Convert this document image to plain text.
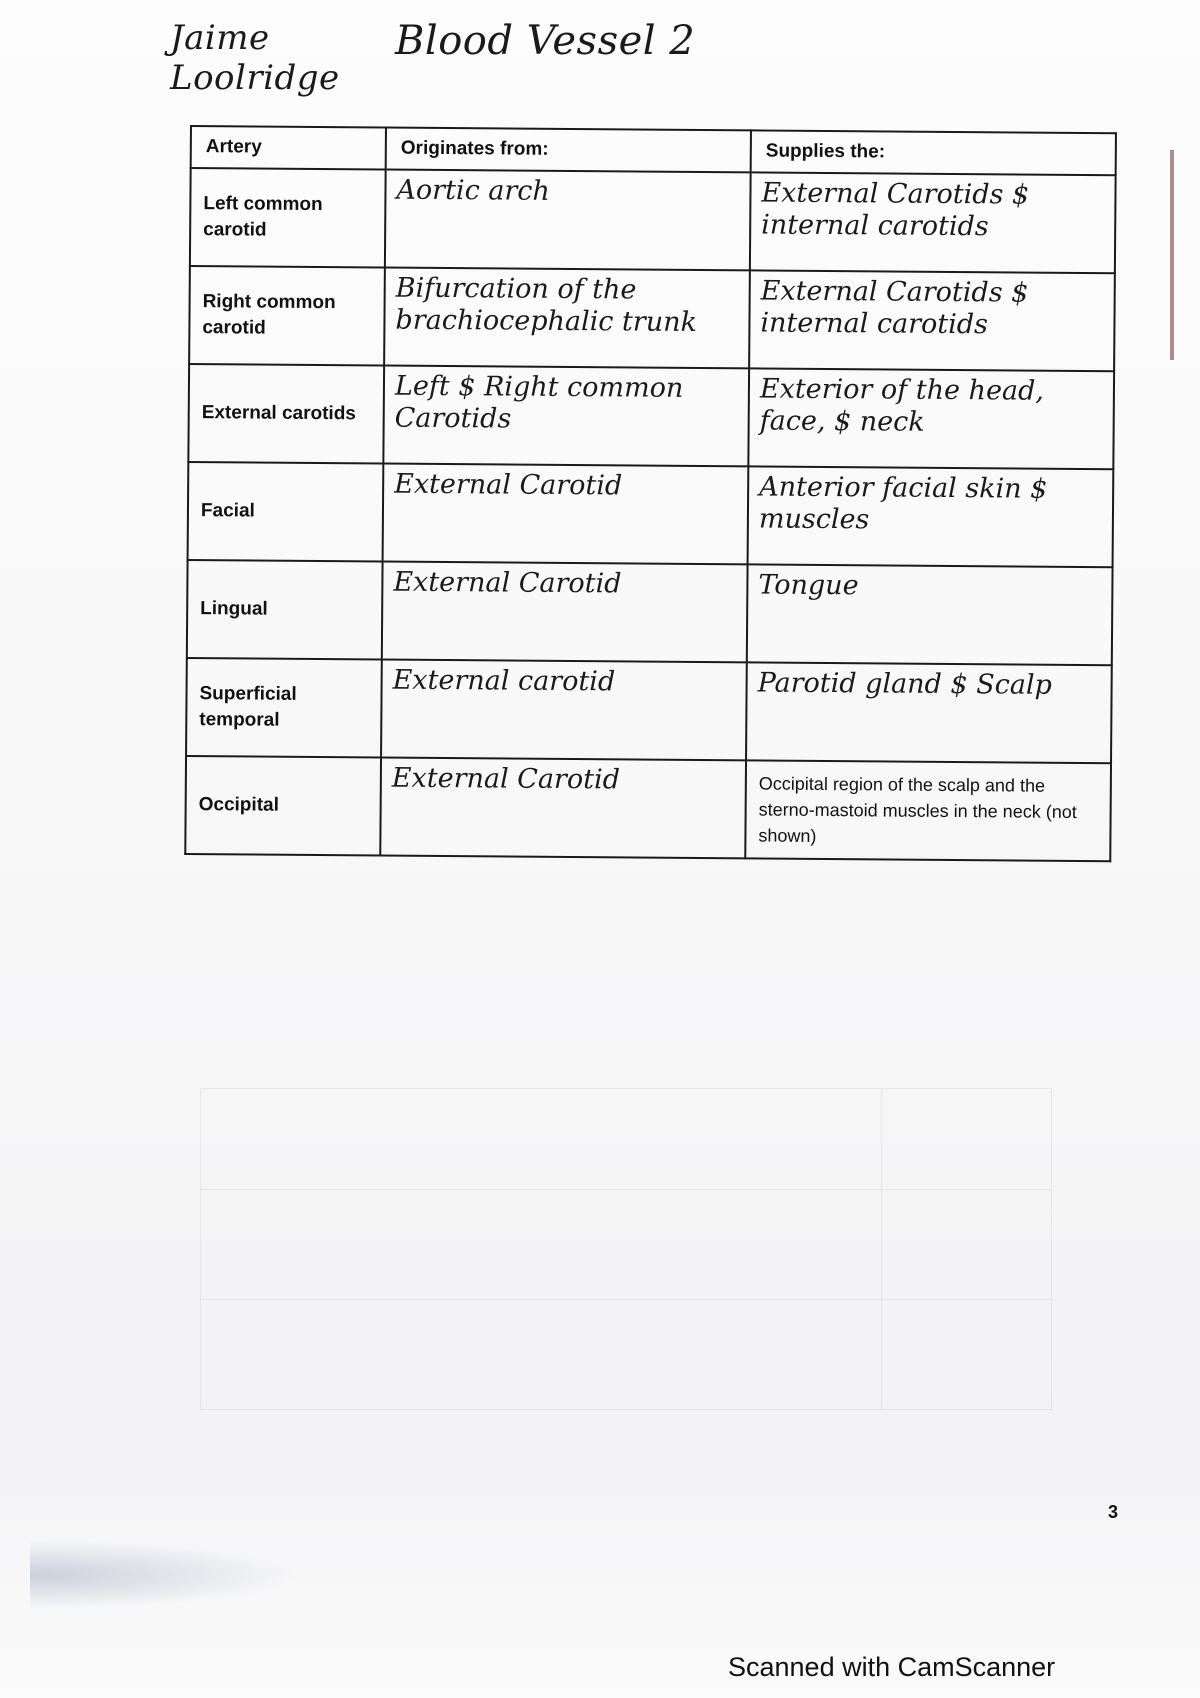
Jaime Loolridge
Blood Vessel 2
Artery	Originates from:	Supplies the:
Left common carotid	Aortic arch	External Carotids $ internal carotids
Right common carotid	Bifurcation of the brachiocephalic trunk	External Carotids $ internal carotids
External carotids	Left $ Right common Carotids	Exterior of the head, face, $ neck
Facial	External Carotid	Anterior facial skin $ muscles
Lingual	External Carotid	Tongue
Superficial temporal	External carotid	Parotid gland $ Scalp
Occipital	External Carotid	Occipital region of the scalp and the sterno-mastoid muscles in the neck (not shown)
3
Scanned with CamScanner
